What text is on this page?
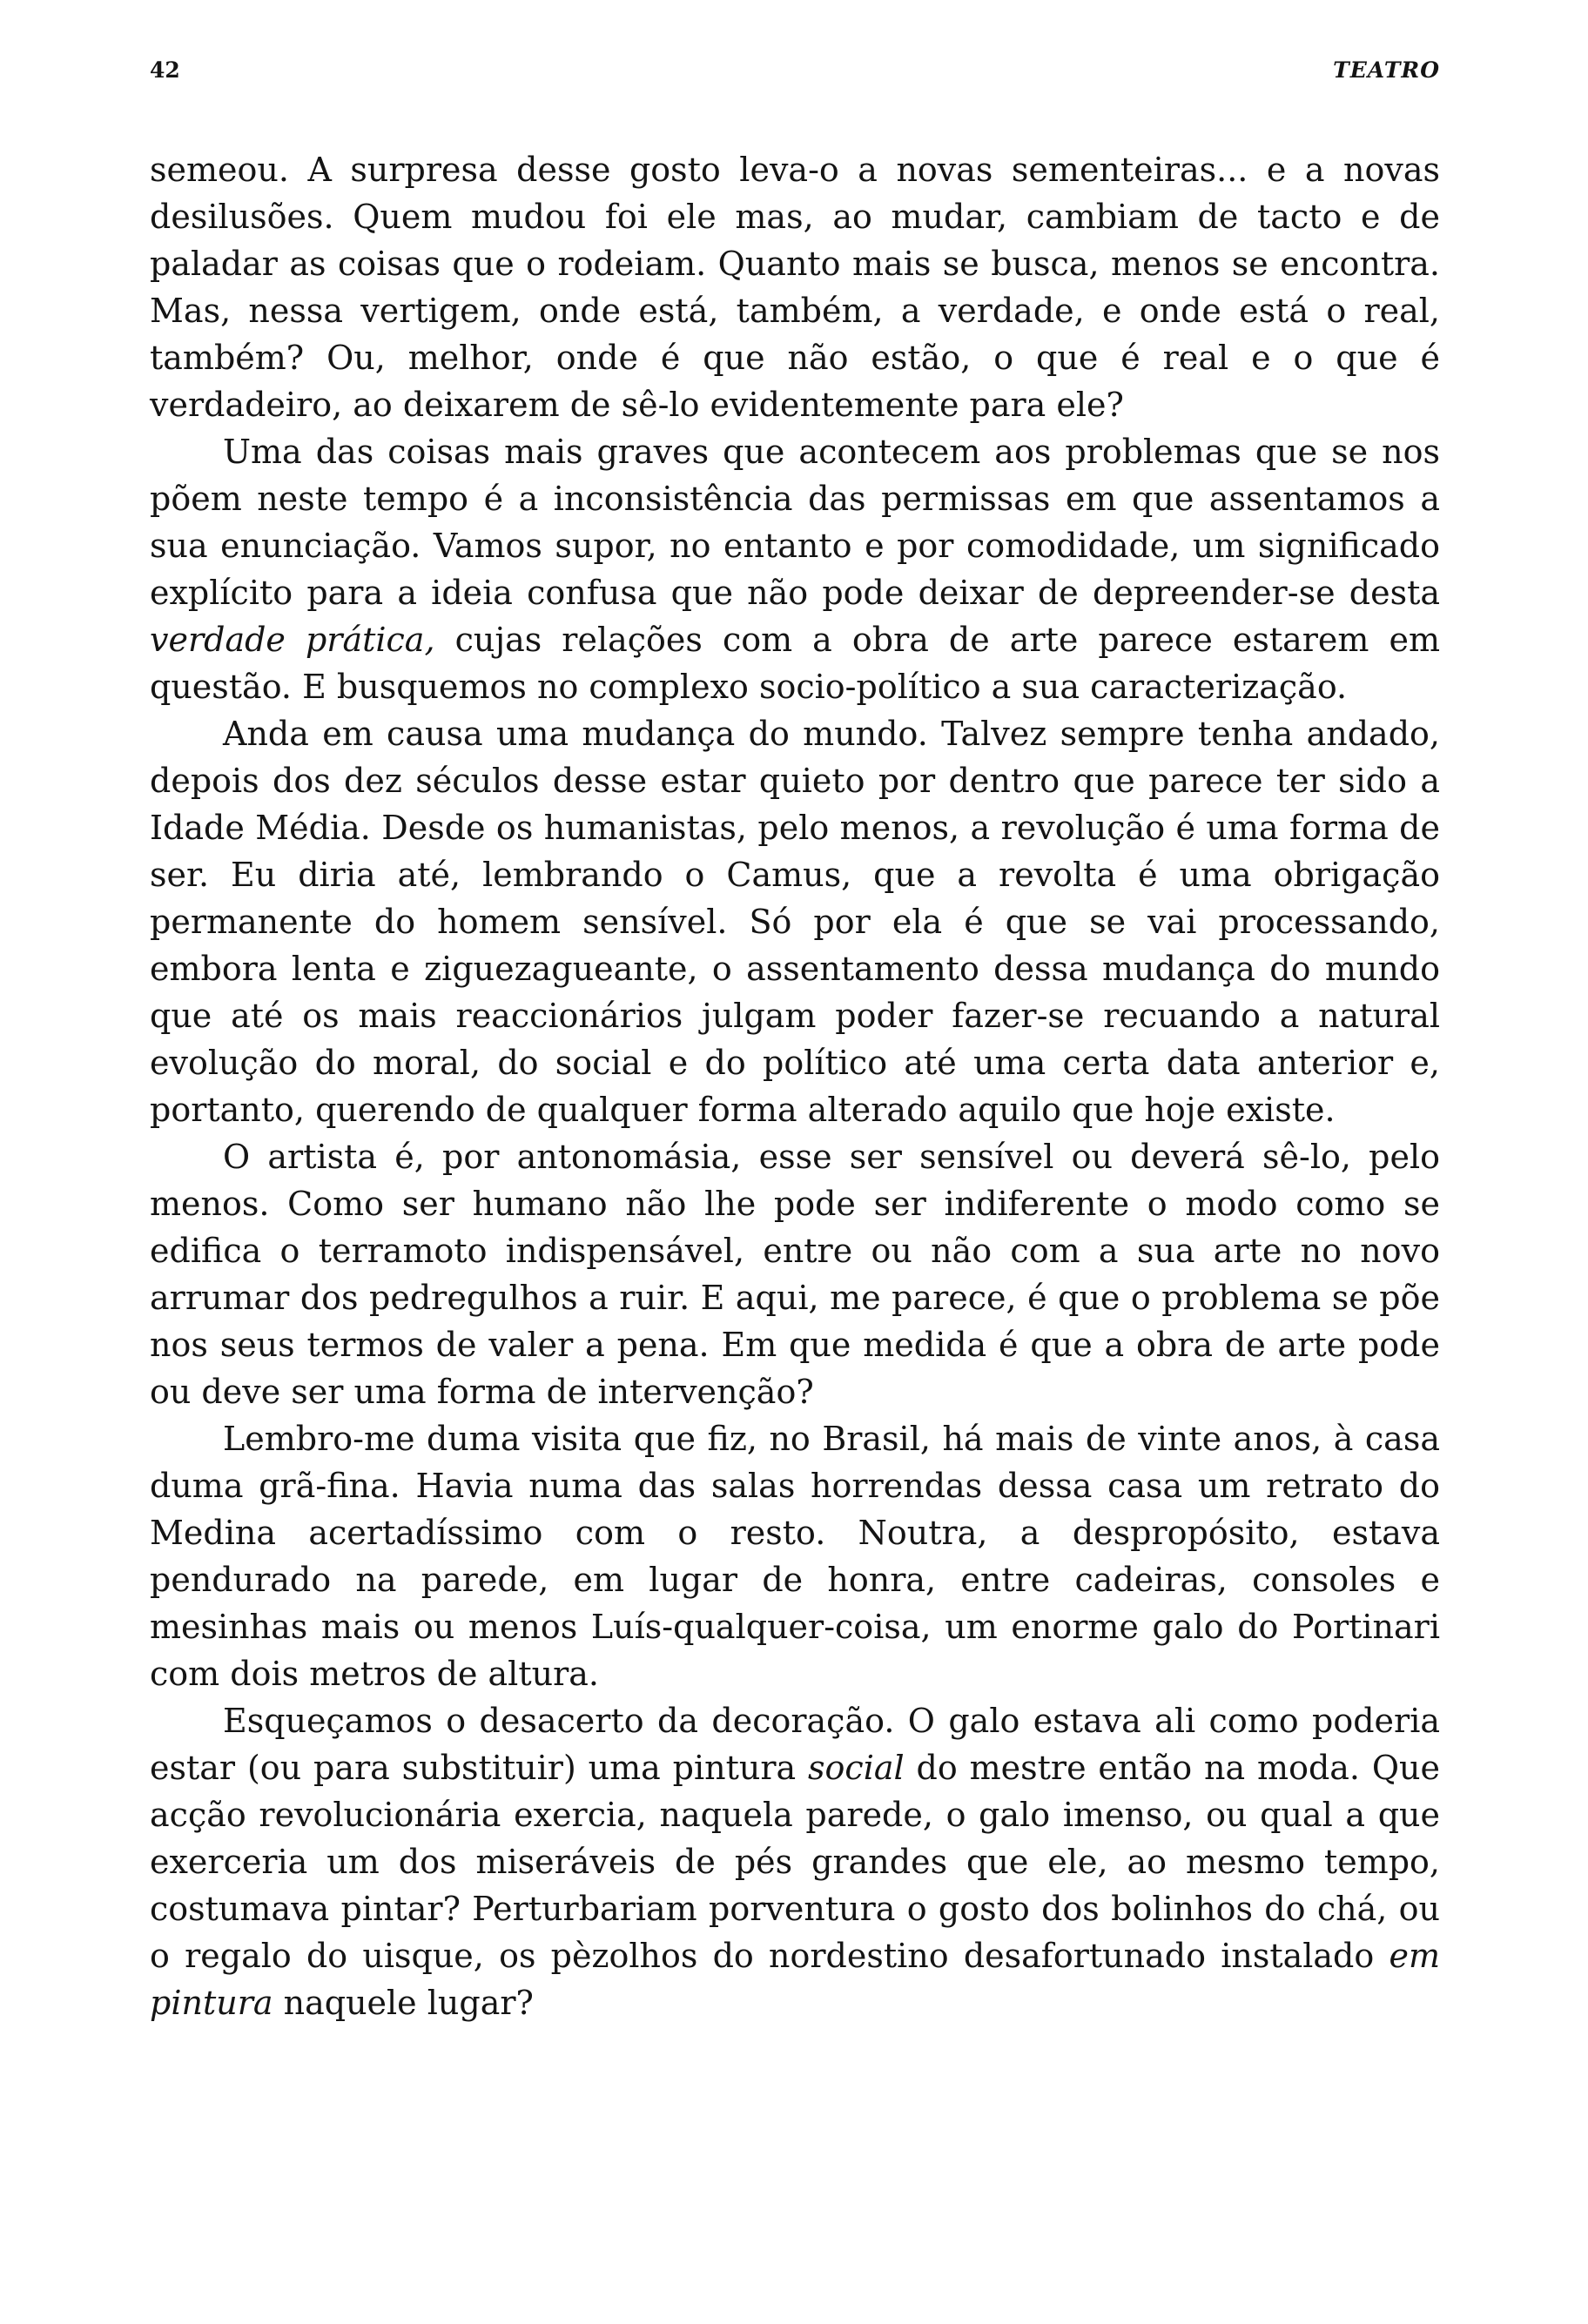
42	TEATRO

semeou. A surpresa desse gosto leva-o a novas sementeiras... e a novas desilusões. Quem mudou foi ele mas, ao mudar, cambiam de tacto e de paladar as coisas que o rodeiam. Quanto mais se busca, menos se encontra. Mas, nessa vertigem, onde está, também, a verdade, e onde está o real, também? Ou, melhor, onde é que não estão, o que é real e o que é verdadeiro, ao deixarem de sê-lo evidentemente para ele?

Uma das coisas mais graves que acontecem aos problemas que se nos põem neste tempo é a inconsistência das permissas em que assentamos a sua enunciação. Vamos supor, no entanto e por comodidade, um significado explícito para a ideia confusa que não pode deixar de depreender-se desta verdade prática, cujas relações com a obra de arte parece estarem em questão. E busquemos no complexo socio-político a sua caracterização.

Anda em causa uma mudança do mundo. Talvez sempre tenha andado, depois dos dez séculos desse estar quieto por dentro que parece ter sido a Idade Média. Desde os humanistas, pelo menos, a revolução é uma forma de ser. Eu diria até, lembrando o Camus, que a revolta é uma obrigação permanente do homem sensível. Só por ela é que se vai processando, embora lenta e ziguezagueante, o assentamento dessa mudança do mundo que até os mais reaccionários julgam poder fazer-se recuando a natural evolução do moral, do social e do político até uma certa data anterior e, portanto, querendo de qualquer forma alterado aquilo que hoje existe.

O artista é, por antonomásia, esse ser sensível ou deverá sê-lo, pelo menos. Como ser humano não lhe pode ser indiferente o modo como se edifica o terramoto indispensável, entre ou não com a sua arte no novo arrumar dos pedregulhos a ruir. E aqui, me parece, é que o problema se põe nos seus termos de valer a pena. Em que medida é que a obra de arte pode ou deve ser uma forma de intervenção?

Lembro-me duma visita que fiz, no Brasil, há mais de vinte anos, à casa duma grã-fina. Havia numa das salas horrendas dessa casa um retrato do Medina acertadíssimo com o resto. Noutra, a despropósito, estava pendurado na parede, em lugar de honra, entre cadeiras, consoles e mesinhas mais ou menos Luís-qualquer-coisa, um enorme galo do Portinari com dois metros de altura.

Esqueçamos o desacerto da decoração. O galo estava ali como poderia estar (ou para substituir) uma pintura social do mestre então na moda. Que acção revolucionária exercia, naquela parede, o galo imenso, ou qual a que exerceria um dos miseráveis de pés grandes que ele, ao mesmo tempo, costumava pintar? Perturbariam porventura o gosto dos bolinhos do chá, ou o regalo do uisque, os pèzolhos do nordestino desafortunado instalado em pintura naquele lugar?
